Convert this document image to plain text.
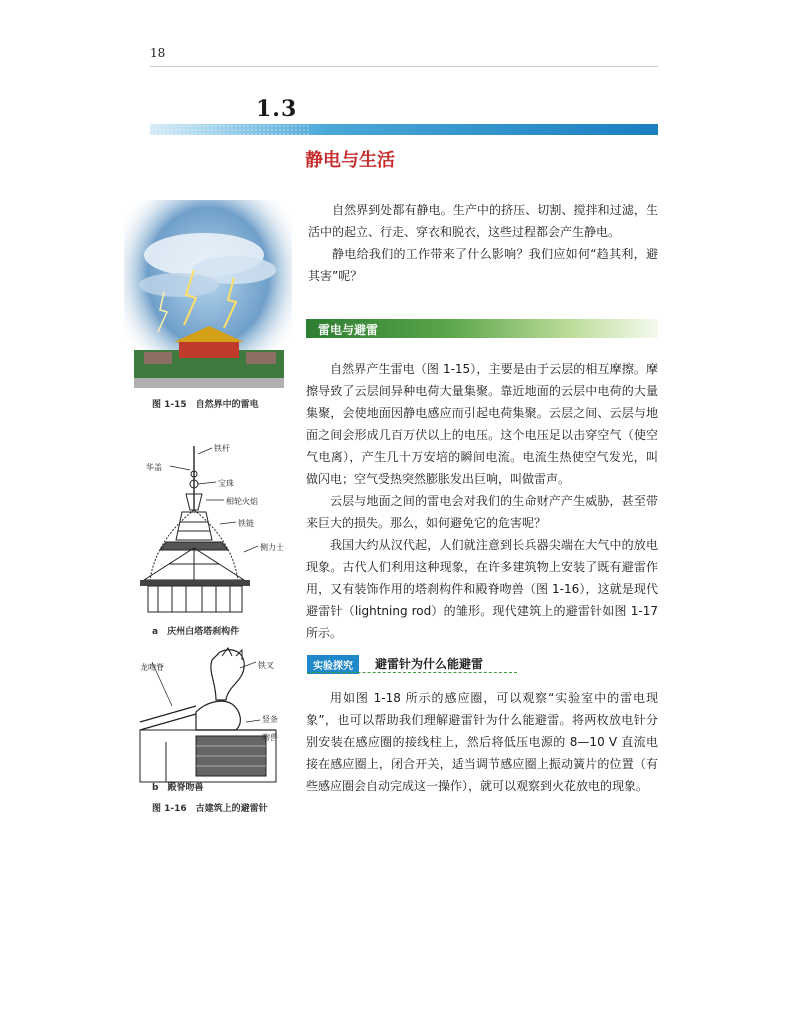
18
1.3
静电与生活

自然界到处都有静电。生产中的挤压、切割、搅拌和过滤，生活中的起立、行走、穿衣和脱衣，这些过程都会产生静电。

静电给我们的工作带来了什么影响？我们应如何“趋其利，避其害”呢？

雷电与避雷

自然界产生雷电（图 1-15），主要是由于云层的相互摩擦。摩擦导致了云层间异种电荷大量集聚。靠近地面的云层中电荷的大量集聚，会使地面因静电感应而引起电荷集聚。云层之间、云层与地面之间会形成几百万伏以上的电压。这个电压足以击穿空气（使空气电离），产生几十万安培的瞬间电流。电流生热使空气发光，叫做闪电；空气受热突然膨胀发出巨响，叫做雷声。

云层与地面之间的雷电会对我们的生命财产产生威胁，甚至带来巨大的损失。那么，如何避免它的危害呢？

我国大约从汉代起，人们就注意到长兵器尖端在大气中的放电现象。古代人们利用这种现象，在许多建筑物上安装了既有避雷作用，又有装饰作用的塔刹构件和殿脊吻兽（图 1-16），这就是现代避雷针（lightning rod）的雏形。现代建筑上的避雷针如图 1-17 所示。

实验探究	避雷针为什么能避雷

用如图 1-18 所示的感应圈，可以观察“实验室中的雷电现象”，也可以帮助我们理解避雷针为什么能避雷。将两枚放电针分别安装在感应圈的接线柱上，然后将低压电源的 8—10 V 直流电接在感应圈上，闭合开关，适当调节感应圈上振动簧片的位置（有些感应圈会自动完成这一操作），就可以观察到火花放电的现象。

图 1-15　自然界中的雷电
铁杆
华盖
宝珠
相轮火焰
铁链
侧力士
a　庆州白塔塔刹构件
龙吻脊	铁叉
竖条
吻兽
b　殿脊吻兽
图 1-16　古建筑上的避雷针
